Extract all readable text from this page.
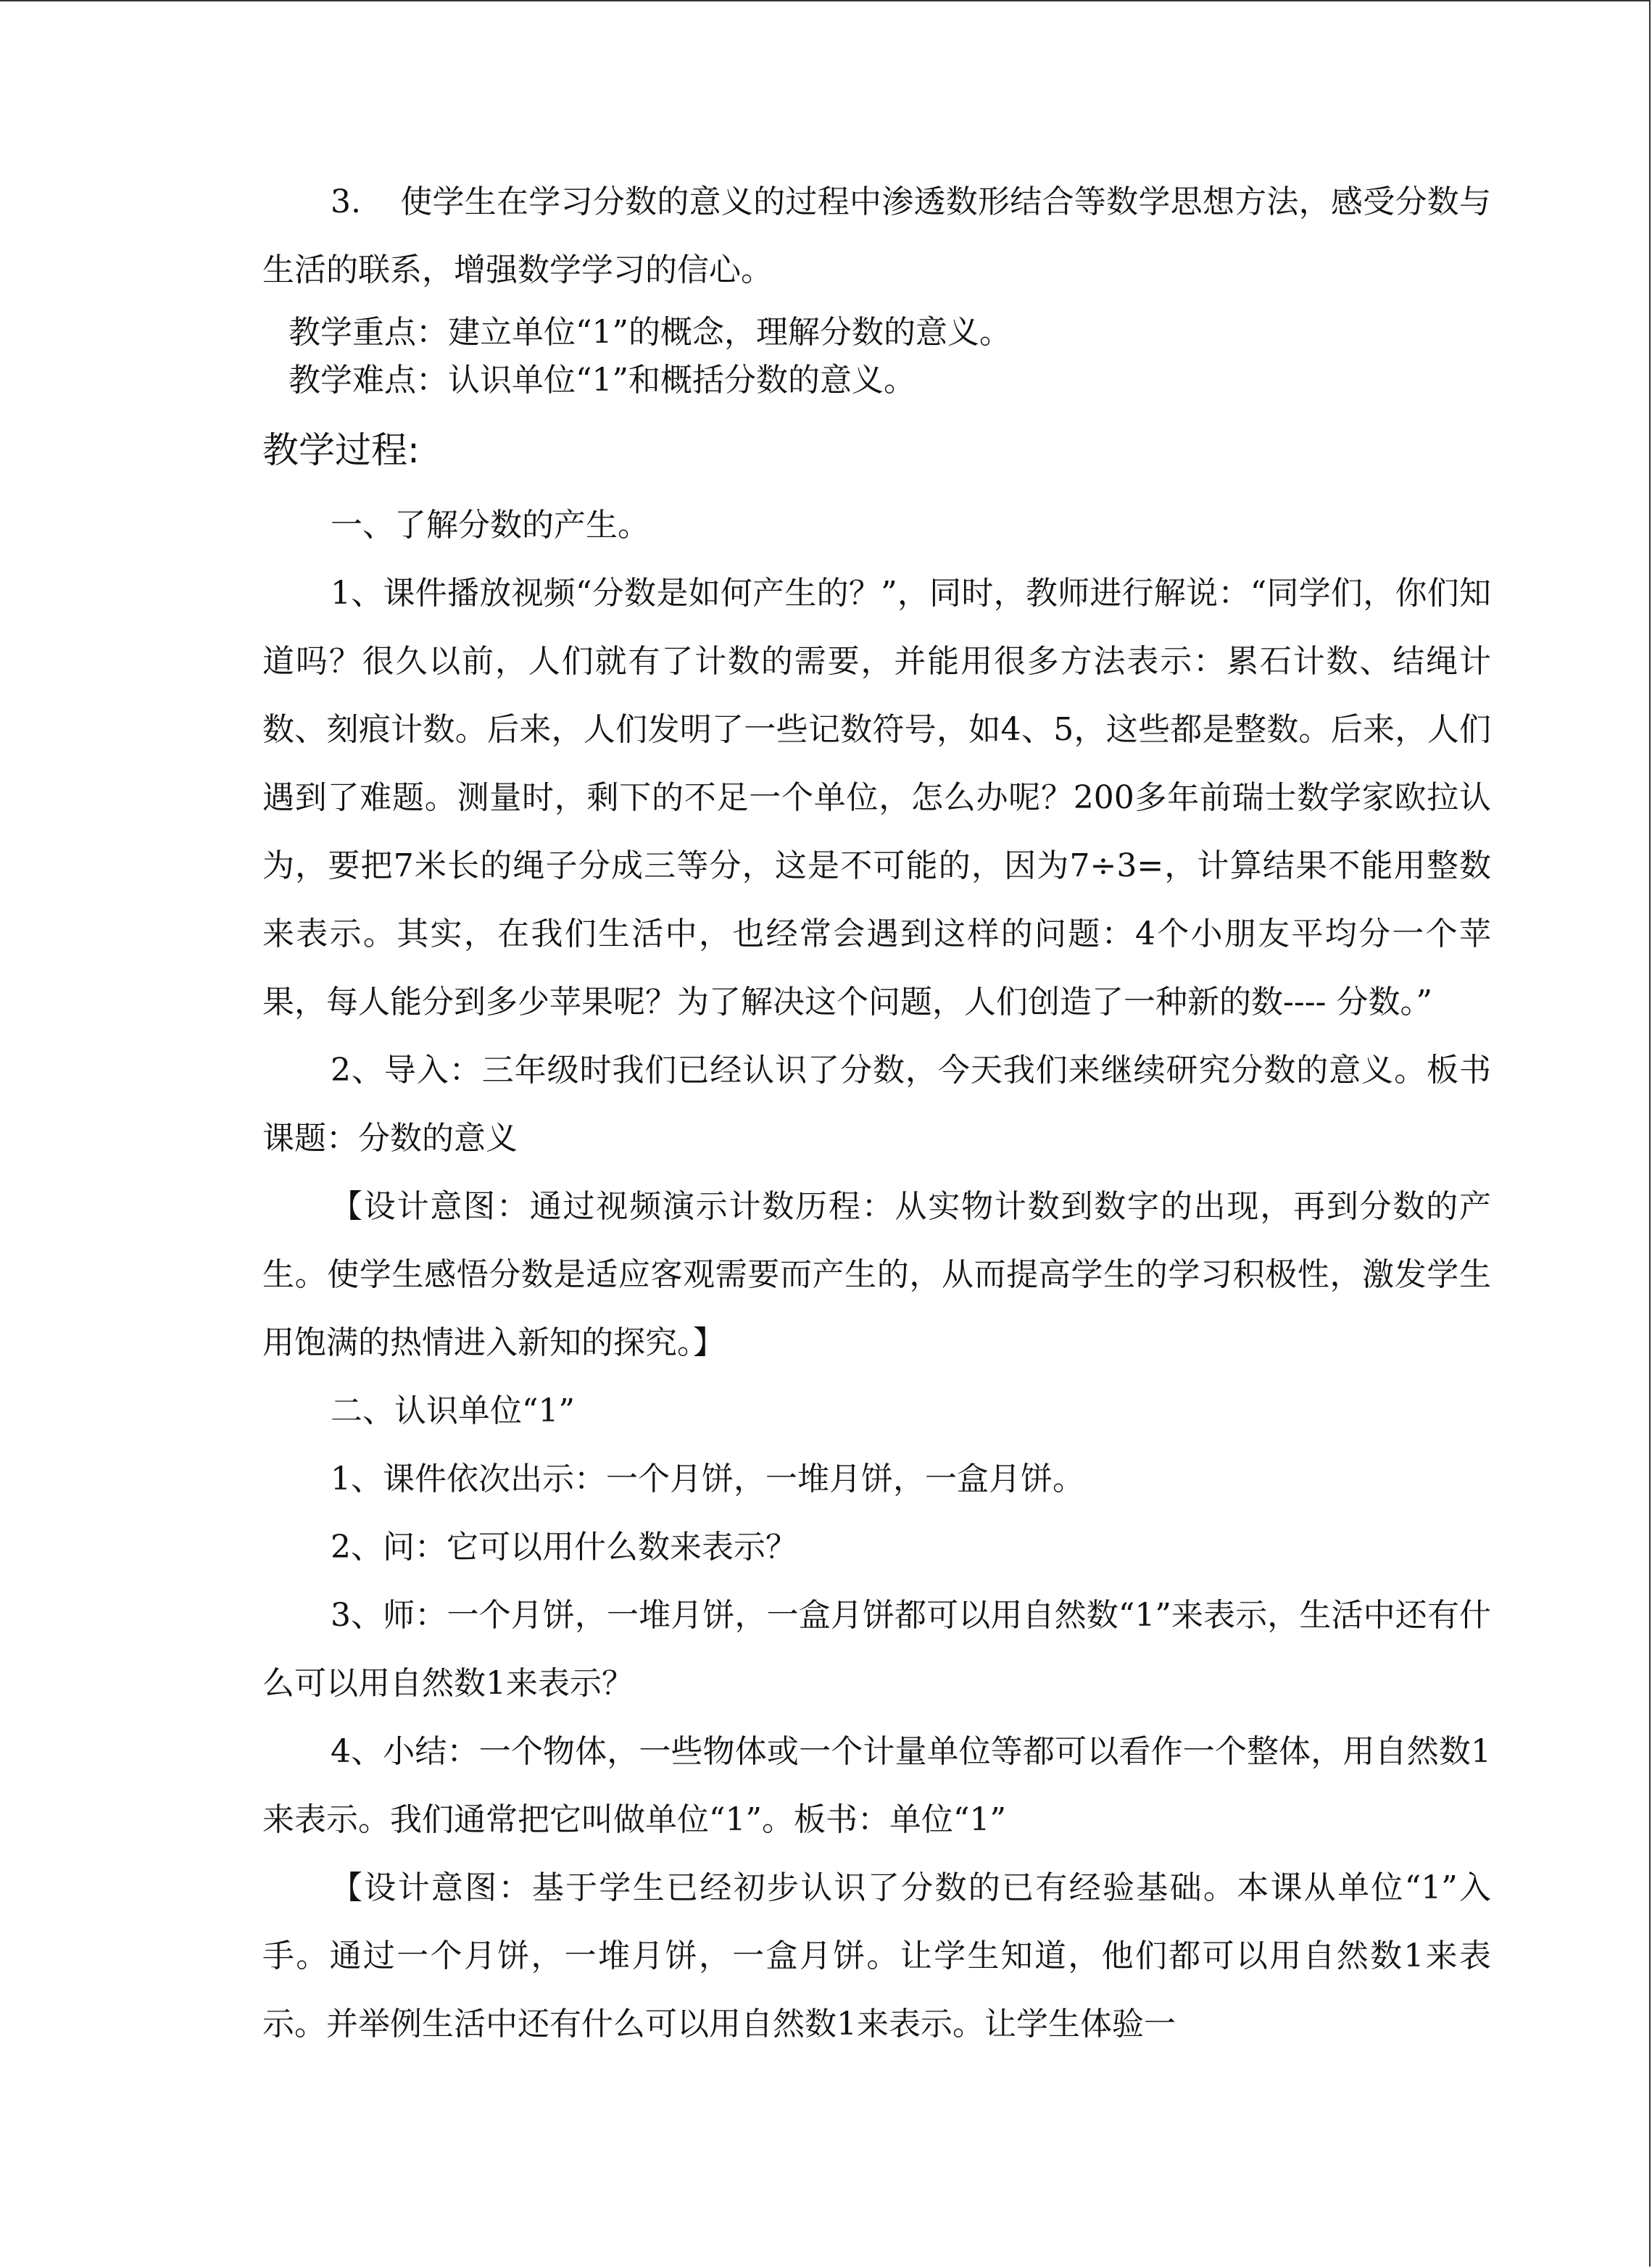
3. 使学生在学习分数的意义的过程中渗透数形结合等数学思想方法，感受分数与生活的联系，增强数学学习的信心。

教学重点：建立单位“1”的概念，理解分数的意义。

教学难点：认识单位“1”和概括分数的意义。

教学过程:

一、了解分数的产生。

1、课件播放视频“分数是如何产生的？”，同时，教师进行解说：“同学们，你们知道吗？很久以前，人们就有了计数的需要，并能用很多方法表示：累石计数、结绳计数、刻痕计数。后来，人们发明了一些记数符号，如4、5，这些都是整数。后来，人们遇到了难题。测量时，剩下的不足一个单位，怎么办呢？200多年前瑞士数学家欧拉认为，要把7米长的绳子分成三等分，这是不可能的，因为7÷3=，计算结果不能用整数来表示。其实，在我们生活中，也经常会遇到这样的问题：4个小朋友平均分一个苹果，每人能分到多少苹果呢？为了解决这个问题，人们创造了一种新的数---- 分数。”

2、导入：三年级时我们已经认识了分数，今天我们来继续研究分数的意义。板书课题：分数的意义

【设计意图：通过视频演示计数历程：从实物计数到数字的出现，再到分数的产生。使学生感悟分数是适应客观需要而产生的，从而提高学生的学习积极性，激发学生用饱满的热情进入新知的探究。】

二、认识单位“1”

1、课件依次出示：一个月饼，一堆月饼，一盒月饼。

2、问：它可以用什么数来表示？

3、师：一个月饼，一堆月饼，一盒月饼都可以用自然数“1”来表示，生活中还有什么可以用自然数1来表示？

4、小结：一个物体，一些物体或一个计量单位等都可以看作一个整体，用自然数1来表示。我们通常把它叫做单位“1”。板书：单位“1”

【设计意图：基于学生已经初步认识了分数的已有经验基础。本课从单位“1”入手。通过一个月饼，一堆月饼，一盒月饼。让学生知道，他们都可以用自然数1来表示。并举例生活中还有什么可以用自然数1来表示。让学生体验一
